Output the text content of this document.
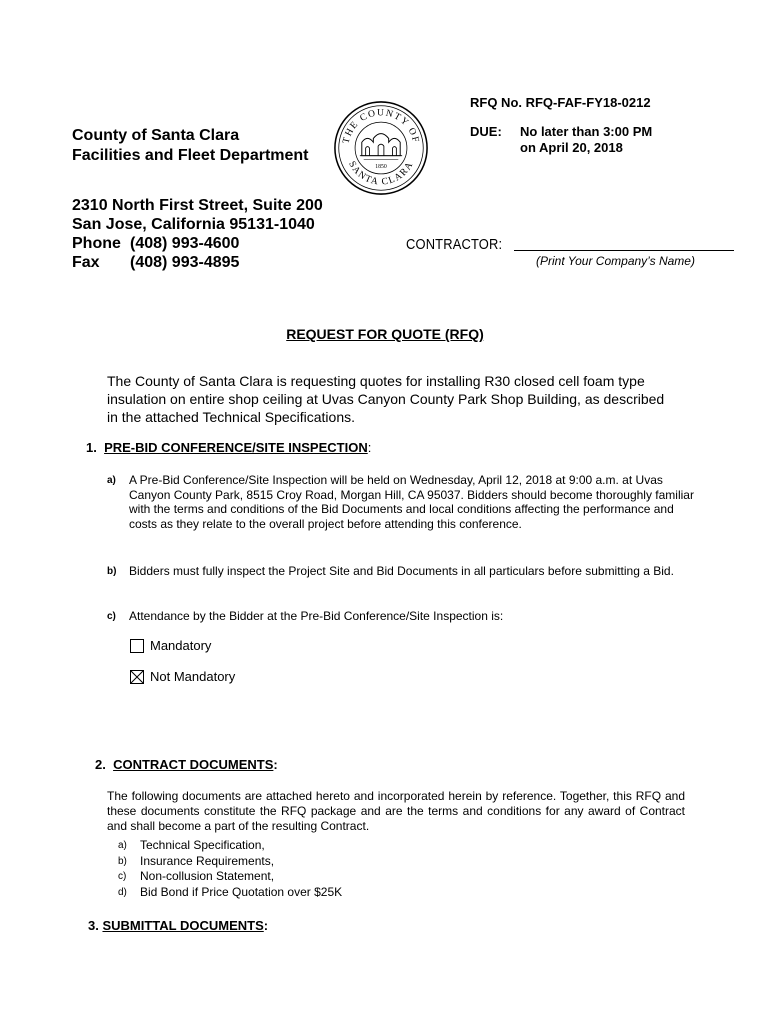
RFQ No. RFQ-FAF-FY18-0212
DUE: No later than 3:00 PM
on April 20, 2018
County of Santa Clara
Facilities and Fleet Department
THE COUNTY OF
SANTA CLARA
1850
2310 North First Street, Suite 200
San Jose, California 95131-1040
Phone (408) 993-4600
Fax (408) 993-4895
CONTRACTOR:
(Print Your Company’s Name)
REQUEST FOR QUOTE (RFQ)
The County of Santa Clara is requesting quotes for installing R30 closed cell foam type insulation on entire shop ceiling at Uvas Canyon County Park Shop Building, as described in the attached Technical Specifications.
1. PRE-BID CONFERENCE/SITE INSPECTION:
a) A Pre-Bid Conference/Site Inspection will be held on Wednesday, April 12, 2018 at 9:00 a.m. at Uvas Canyon County Park, 8515 Croy Road, Morgan Hill, CA 95037. Bidders should become thoroughly familiar with the terms and conditions of the Bid Documents and local conditions affecting the performance and costs as they relate to the overall project before attending this conference.
b) Bidders must fully inspect the Project Site and Bid Documents in all particulars before submitting a Bid.
c) Attendance by the Bidder at the Pre-Bid Conference/Site Inspection is:
Mandatory
Not Mandatory
2. CONTRACT DOCUMENTS:
The following documents are attached hereto and incorporated herein by reference. Together, this RFQ and these documents constitute the RFQ package and are the terms and conditions for any award of Contract and shall become a part of the resulting Contract.
a) Technical Specification,
b) Insurance Requirements,
c) Non-collusion Statement,
d) Bid Bond if Price Quotation over $25K
3. SUBMITTAL DOCUMENTS:
